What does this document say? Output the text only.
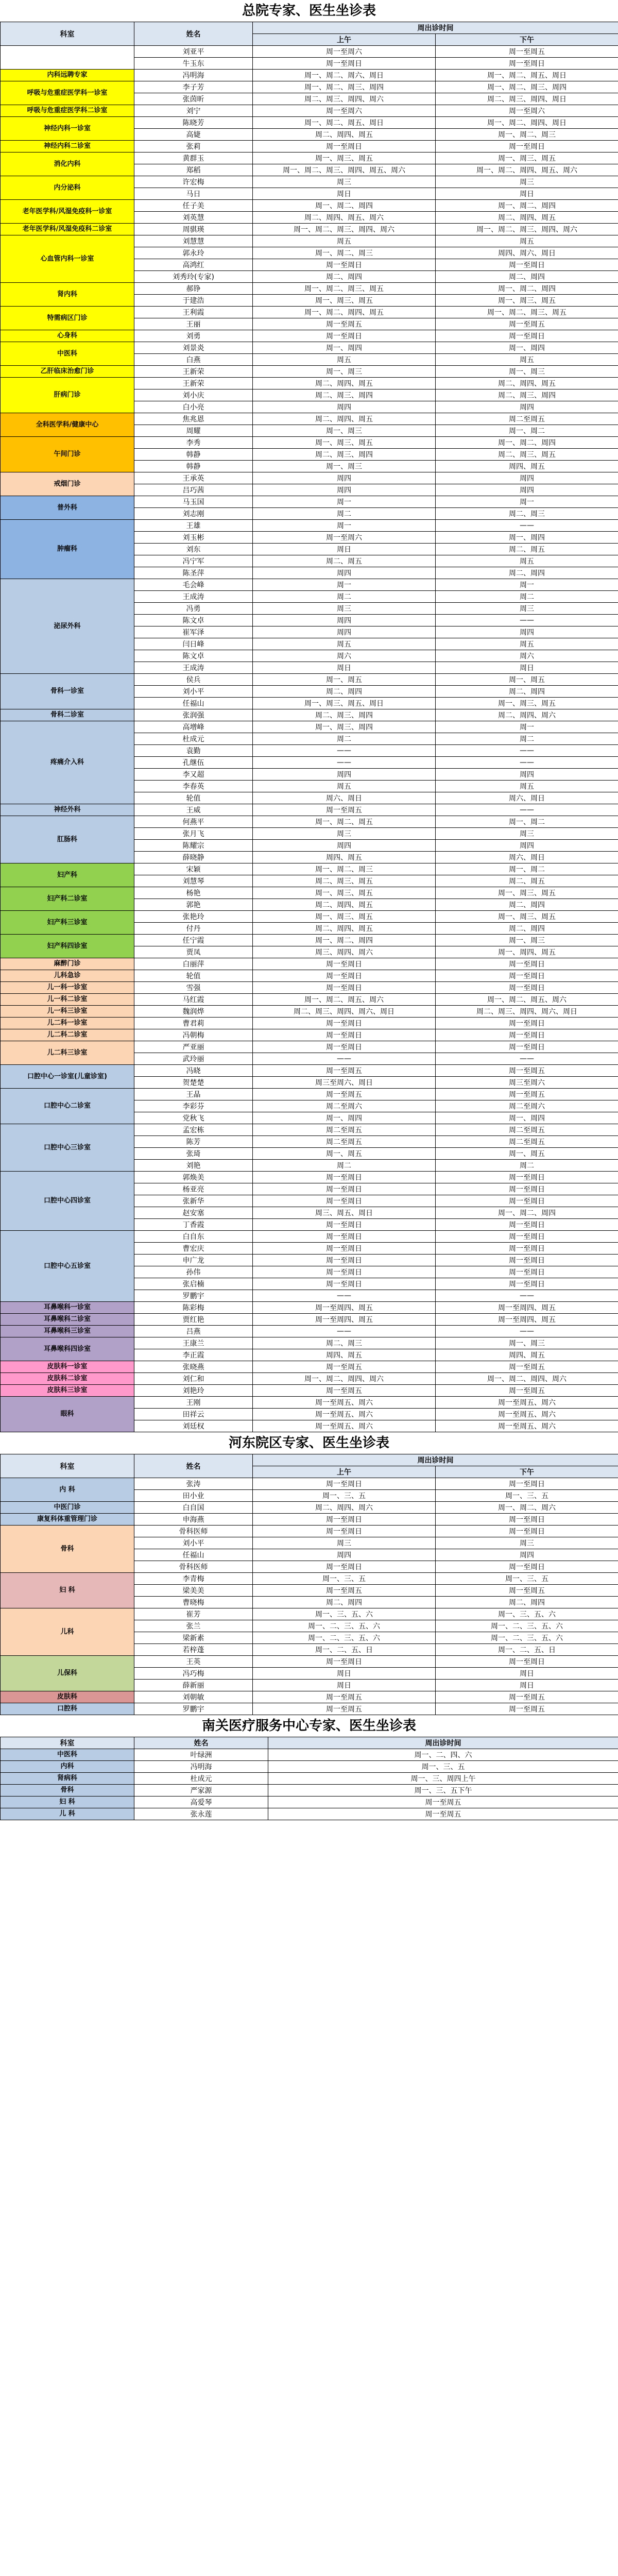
总院专家、医生坐诊表
科室	姓名	周出诊时间	
		上午	下午
	刘亚平	周一至周六	周一至周五
	牛玉东	周一至周日	周一至周日
内科远聘专家	冯明海	周一、周二、周六、周日	周一、周二、周五、周日
呼吸与危重症医学科一诊室	李子芳	周一、周二、周三、周四	周一、周二、周三、周四
	张茵昕	周二、周三、周四、周六	周二、周三、周四、周日
呼吸与危重症医学科二诊室	刘宁	周一至周六	周一至周六
神经内科一诊室	陈晓芳	周一、周二、周五、周日	周一、周二、周四、周日
	高婕	周二、周四、周五	周一、周二、周三
神经内科二诊室	张莉	周一至周日	周一至周日
消化内科	黄群玉	周一、周三、周五	周一、周三、周五
	郑稻	周一、周二、周三、周四、周五、周六	周一、周二、周四、周五、周六
内分泌科	许宏梅	周三	周三
	马日	周日	周日
老年医学科/风湿免疫科一诊室	任子美	周一、周二、周四	周一、周二、周四
	刘英慧	周二、周四、周五、周六	周二、周四、周五
老年医学科/风湿免疫科二诊室	周骐瑛	周一、周二、周三、周四、周六	周一、周二、周三、周四、周六
心血管内科一诊室	刘慧慧	周五	周五
	郭永玲	周一、周二、周三	周四、周六、周日
	高鸿红	周一至周日	周一至周日
	刘秀玲(专家)	周二、周四	周二、周四
肾内科	郝铮	周一、周二、周三、周五	周一、周二、周四
	于建浩	周一、周三、周五	周一、周三、周五
特需病区门诊	王利霞	周一、周二、周四、周五	周一、周二、周三、周五
	王丽	周一至周五	周一至周五
心身科	刘勇	周一至周日	周一至周日
中医科	刘景炎	周一、周四	周一、周四
	白燕	周五	周五
乙肝临床治愈门诊	王新荣	周一、周三	周一、周三
肝病门诊	王新荣	周二、周四、周五	周二、周四、周五
	刘小庆	周二、周三、周四	周二、周三、周四
	白小亮	周四	周四
全科医学科/健康中心	焦兆恩	周二、周四、周五	周二至周五
	周耀	周一、周三	周一、周二
午间门诊	李秀	周一、周三、周五	周一、周二、周四
	韩静	周二、周三、周四	周二、周三、周五
	韩静	周一、周三	周四、周五
戒烟门诊	王承英	周四	周四
	吕巧茜	周四	周四
普外科	马玉国	周一	周一
	刘志刚	周二	周二、周三
肿瘤科	王雄	周一	——
	刘玉彬	周一至周六	周一、周四
	刘东	周日	周二、周五
	冯宁军	周二、周五	周五
	陈圣萍	周四	周二、周四
泌尿外科	毛会峰	周一	周一
	王成涛	周二	周二
	冯勇	周三	周三
	陈文卓	周四	——
	崔军泽	周四	周四
	闫日峰	周五	周五
	陈文卓	周六	周六
	王成涛	周日	周日
骨科一诊室	侯兵	周一、周五	周一、周五
	刘小平	周二、周四	周二、周四
	任福山	周一、周三、周五、周日	周一、周三、周五
骨科二诊室	张润强	周二、周三、周四	周二、周四、周六
疼痛介入科	高增峰	周一、周三、周四	周一
	杜成元	周二	周二
	袁勤	——	——
	孔继伍	——	——
	李又超	周四	周四
	李春英	周五	周五
	轮值	周六、周日	周六、周日
神经外科	王威	周一至周五	——
肛肠科	何燕平	周一、周二、周五	周一、周二
	张月飞	周三	周三
	陈耀宗	周四	周四
	薛晓静	周四、周五	周六、周日
妇产科	宋颖	周一、周二、周三	周一、周二
	刘慧琴	周二、周三、周五	周二、周五
妇产科二诊室	杨艳	周一、周三、周五	周一、周三、周五
	郭艳	周二、周四、周五	周二、周四
妇产科三诊室	张艳玲	周一、周三、周五	周一、周三、周五
	付丹	周二、周四、周五	周二、周四
妇产科四诊室	任宁霞	周一、周二、周四	周一、周三
	贾凤	周三、周四、周六	周一、周四、周五
麻醉门诊	白丽萍	周一至周日	周一至周日
儿科急诊	轮值	周一至周日	周一至周日
儿一科一诊室	雪强	周一至周日	周一至周日
儿一科二诊室	马红霞	周一、周二、周五、周六	周一、周二、周五、周六
儿一科三诊室	魏润烨	周二、周三、周四、周六、周日	周二、周三、周四、周六、周日
儿二科一诊室	曹君莉	周一至周日	周一至周日
儿二科二诊室	冯朝梅	周一至周日	周一至周日
儿二科三诊室	严亚丽	周一至周日	周一至周日
	武玲丽	——	——
口腔中心一诊室(儿童诊室)	冯晓	周一至周五	周一至周五
	贺楚楚	周三至周六、周日	周三至周六
口腔中心二诊室	王晶	周一至周五	周一至周五
	李彩芬	周二至周六	周二至周六
	党秋飞	周一、周四	周一、周四
口腔中心三诊室	孟宏栋	周二至周五	周二至周五
	陈芳	周二至周五	周二至周五
	张琦	周一、周五	周一、周五
	刘艳	周二	周二
口腔中心四诊室	郭焕美	周一至周日	周一至周日
	杨亚亮	周一至周日	周一至周日
	张新华	周一至周日	周一至周日
	赵安塞	周三、周五、周日	周一、周二、周四
	丁香霞	周一至周日	周一至周日
口腔中心五诊室	白自东	周一至周日	周一至周日
	曹宏庆	周一至周日	周一至周日
	申广龙	周一至周日	周一至周日
	孙伟	周一至周日	周一至周日
	张启楠	周一至周日	周一至周日
	罗鹏宇	——	——
耳鼻喉科一诊室	陈彩梅	周一至周四、周五	周一至周四、周五
耳鼻喉科二诊室	贾红艳	周一至周四、周五	周一至周四、周五
耳鼻喉科三诊室	吕燕	——	——
耳鼻喉科四诊室	王康兰	周二、周三	周一、周三
	李正霞	周四、周五	周四、周五
皮肤科一诊室	张晓燕	周一至周五	周一至周五
皮肤科二诊室	刘仁和	周一、周二、周四、周六	周一、周二、周四、周六
皮肤科三诊室	刘艳玲	周一至周五	周一至周五
眼科	王刚	周一至周五、周六	周一至周五、周六
	田祥云	周一至周五、周六	周一至周五、周六
	刘廷权	周一至周五、周六	周一至周五、周六
河东院区专家、医生坐诊表
科室	姓名	周出诊时间	
		上午	下午
内 科	张涛	周一至周日	周一至周日
	田小业	周一、三、五	周一、三、五
中医门诊	白自国	周二、周四、周六	周一、周二、周六
康复科体重管理门诊	申海燕	周一至周日	周一至周日
骨科	骨科医师	周一至周日	周一至周日
	刘小平	周三	周三
	任福山	周四	周四
	骨科医师	周一至周日	周一至周日
妇 科	李青梅	周一、三、五	周一、三、五
	梁美美	周一至周五	周一至周五
	曹晓梅	周二、周四	周二、周四
儿科	崔芳	周一、三、五、六	周一、三、五、六
	张兰	周一、二、三、五、六	周一、二、三、五、六
	梁新素	周一、二、三、五、六	周一、二、三、五、六
	若梓蓬	周一、二、五、日	周一、二、五、日
儿保科	王英	周一至周日	周一至周日
	冯巧梅	周日	周日
	薛新丽	周日	周日
皮肤科	刘朝敏	周一至周五	周一至周五
口腔科	罗鹏宇	周一至周五	周一至周五
南关医疗服务中心专家、医生坐诊表
科室	姓名	周出诊时间
中医科	叶绿洲	周一、二、四、六
内科	冯明海	周一、三、五
肾病科	杜成元	周一、三、周四上午
骨科	严家源	周一、三、五下午
妇 科	高爱琴	周一至周五
儿 科	张永莲	周一至周五
